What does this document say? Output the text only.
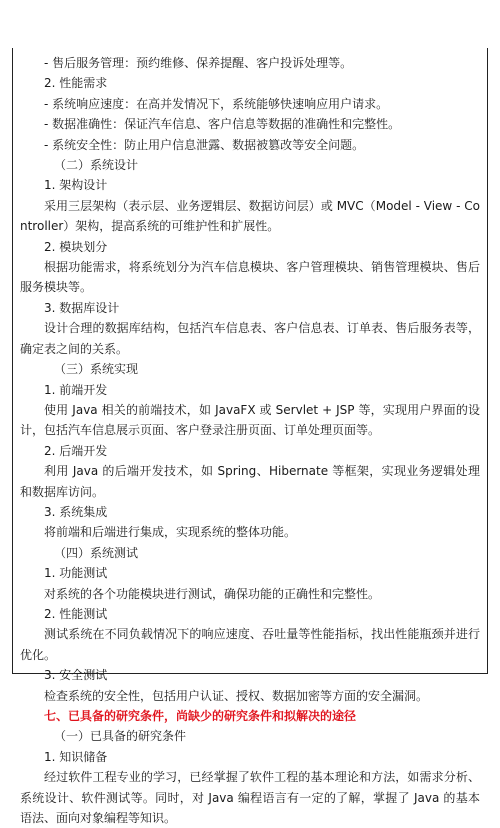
- 售后服务管理：预约维修、保养提醒、客户投诉处理等。
2. 性能需求
- 系统响应速度：在高并发情况下，系统能够快速响应用户请求。
- 数据准确性：保证汽车信息、客户信息等数据的准确性和完整性。
- 系统安全性：防止用户信息泄露、数据被篡改等安全问题。
（二）系统设计
1. 架构设计
采用三层架构（表示层、业务逻辑层、数据访问层）或 MVC（Model - View - Controller）架构，提高系统的可维护性和扩展性。
2. 模块划分
根据功能需求，将系统划分为汽车信息模块、客户管理模块、销售管理模块、售后服务模块等。
3. 数据库设计
设计合理的数据库结构，包括汽车信息表、客户信息表、订单表、售后服务表等，确定表之间的关系。
（三）系统实现
1. 前端开发
使用 Java 相关的前端技术，如 JavaFX 或 Servlet + JSP 等，实现用户界面的设计，包括汽车信息展示页面、客户登录注册页面、订单处理页面等。
2. 后端开发
利用 Java 的后端开发技术，如 Spring、Hibernate 等框架，实现业务逻辑处理和数据库访问。
3. 系统集成
将前端和后端进行集成，实现系统的整体功能。
（四）系统测试
1. 功能测试
对系统的各个功能模块进行测试，确保功能的正确性和完整性。
2. 性能测试
测试系统在不同负载情况下的响应速度、吞吐量等性能指标，找出性能瓶颈并进行优化。
3. 安全测试
检查系统的安全性，包括用户认证、授权、数据加密等方面的安全漏洞。
七、已具备的研究条件，尚缺少的研究条件和拟解决的途径
（一）已具备的研究条件
1. 知识储备
经过软件工程专业的学习，已经掌握了软件工程的基本理论和方法，如需求分析、系统设计、软件测试等。同时，对 Java 编程语言有一定的了解，掌握了 Java 的基本语法、面向对象编程等知识。
